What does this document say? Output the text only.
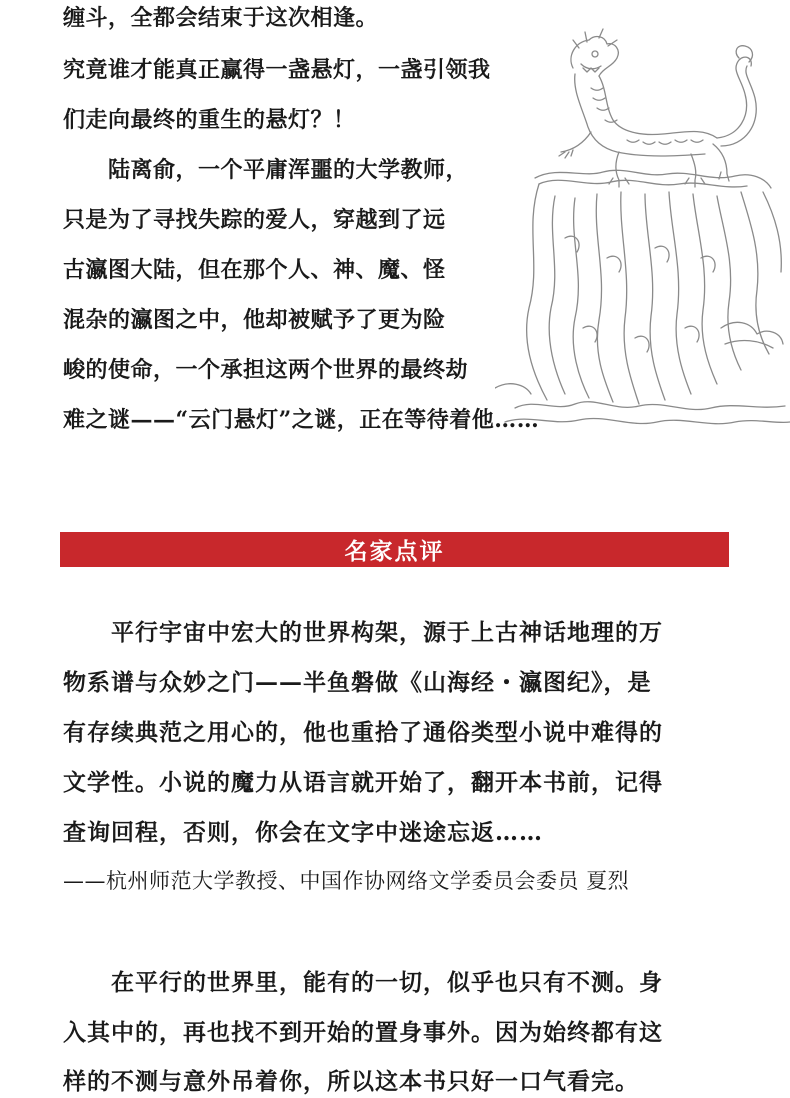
缠斗，全都会结束于这次相逢。
究竟谁才能真正赢得一盏悬灯，一盏引领我
们走向最终的重生的悬灯？！
　　陆离俞，一个平庸浑噩的大学教师，
只是为了寻找失踪的爱人，穿越到了远
古瀛图大陆，但在那个人、神、魔、怪
混杂的瀛图之中，他却被赋予了更为险
峻的使命，一个承担这两个世界的最终劫
难之谜——“云门悬灯”之谜，正在等待着他……
名家点评
　　平行宇宙中宏大的世界构架，源于上古神话地理的万
物系谱与众妙之门——半鱼磐做《山海经・瀛图纪》，是
有存续典范之用心的，他也重拾了通俗类型小说中难得的
文学性。小说的魔力从语言就开始了，翻开本书前，记得
查询回程，否则，你会在文字中迷途忘返……
——杭州师范大学教授、中国作协网络文学委员会委员 夏烈
　　在平行的世界里，能有的一切，似乎也只有不测。身
入其中的，再也找不到开始的置身事外。因为始终都有这
样的不测与意外吊着你，所以这本书只好一口气看完。
